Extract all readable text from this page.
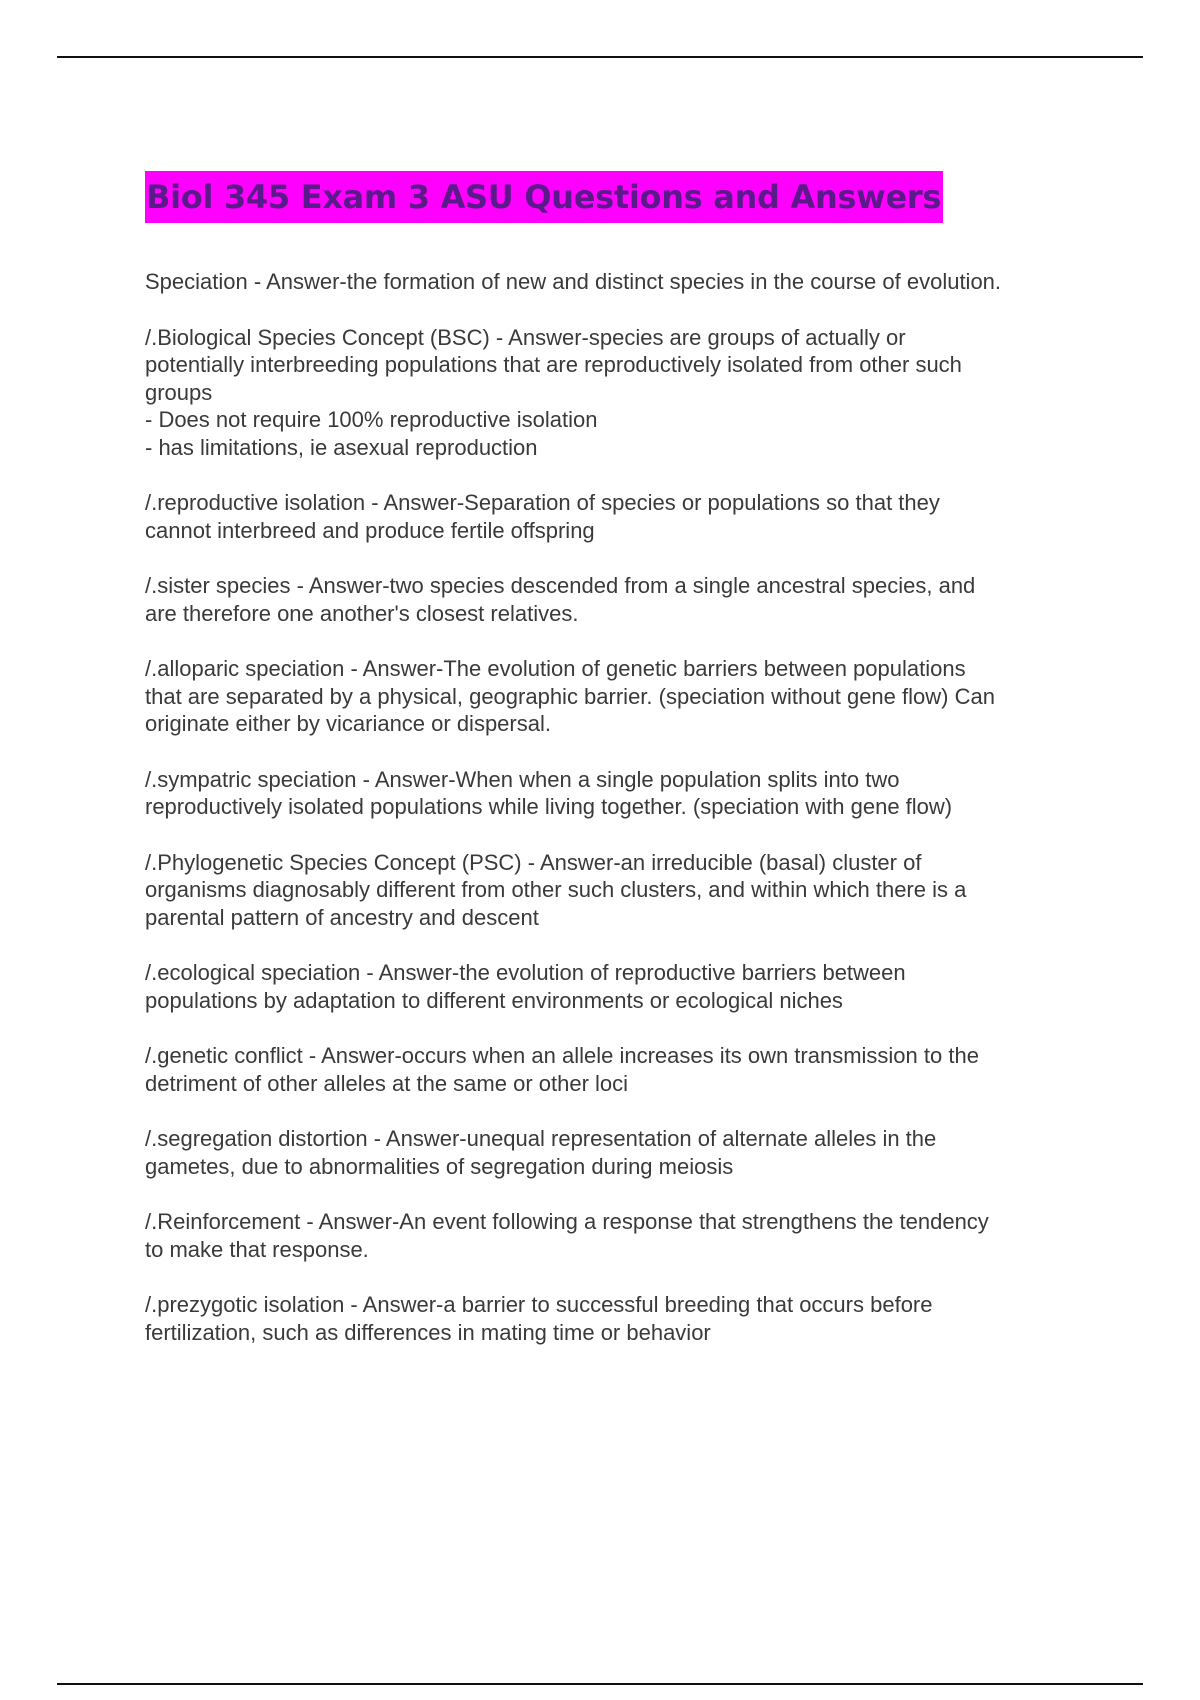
Biol 345 Exam 3 ASU Questions and Answers
Speciation - Answer-the formation of new and distinct species in the course of evolution.
/.Biological Species Concept (BSC) - Answer-species are groups of actually or
potentially interbreeding populations that are reproductively isolated from other such
groups
- Does not require 100% reproductive isolation
- has limitations, ie asexual reproduction
/.reproductive isolation - Answer-Separation of species or populations so that they
cannot interbreed and produce fertile offspring
/.sister species - Answer-two species descended from a single ancestral species, and
are therefore one another's closest relatives.
/.alloparic speciation - Answer-The evolution of genetic barriers between populations
that are separated by a physical, geographic barrier. (speciation without gene flow) Can
originate either by vicariance or dispersal.
/.sympatric speciation - Answer-When when a single population splits into two
reproductively isolated populations while living together. (speciation with gene flow)
/.Phylogenetic Species Concept (PSC) - Answer-an irreducible (basal) cluster of
organisms diagnosably different from other such clusters, and within which there is a
parental pattern of ancestry and descent
/.ecological speciation - Answer-the evolution of reproductive barriers between
populations by adaptation to different environments or ecological niches
/.genetic conflict - Answer-occurs when an allele increases its own transmission to the
detriment of other alleles at the same or other loci
/.segregation distortion - Answer-unequal representation of alternate alleles in the
gametes, due to abnormalities of segregation during meiosis
/.Reinforcement - Answer-An event following a response that strengthens the tendency
to make that response.
/.prezygotic isolation - Answer-a barrier to successful breeding that occurs before
fertilization, such as differences in mating time or behavior
